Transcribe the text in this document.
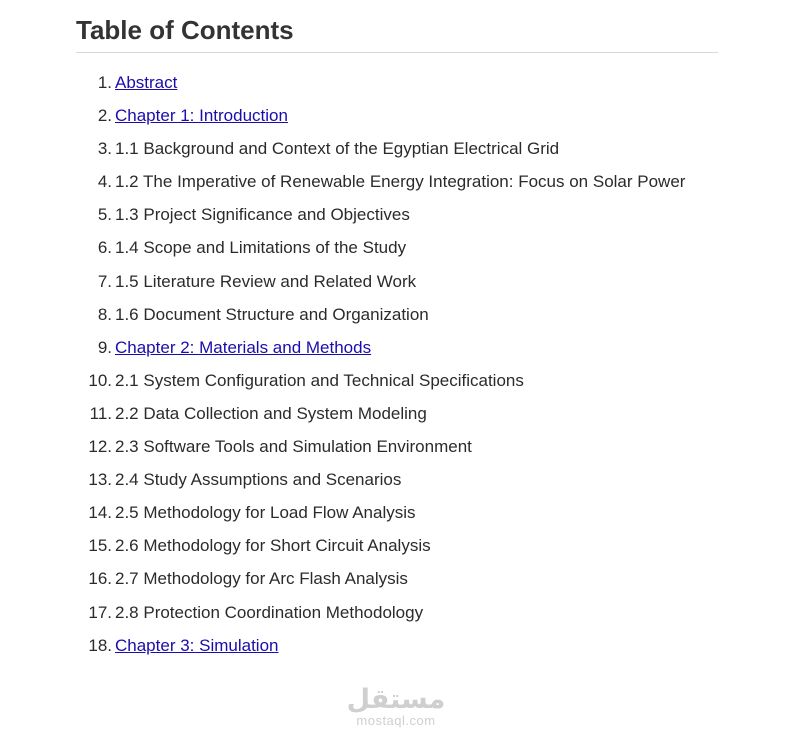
Table of Contents
1. Abstract
2. Chapter 1: Introduction
3. 1.1 Background and Context of the Egyptian Electrical Grid
4. 1.2 The Imperative of Renewable Energy Integration: Focus on Solar Power
5. 1.3 Project Significance and Objectives
6. 1.4 Scope and Limitations of the Study
7. 1.5 Literature Review and Related Work
8. 1.6 Document Structure and Organization
9. Chapter 2: Materials and Methods
10. 2.1 System Configuration and Technical Specifications
11. 2.2 Data Collection and System Modeling
12. 2.3 Software Tools and Simulation Environment
13. 2.4 Study Assumptions and Scenarios
14. 2.5 Methodology for Load Flow Analysis
15. 2.6 Methodology for Short Circuit Analysis
16. 2.7 Methodology for Arc Flash Analysis
17. 2.8 Protection Coordination Methodology
18. Chapter 3: Simulation
مستقل
mostaql.com
